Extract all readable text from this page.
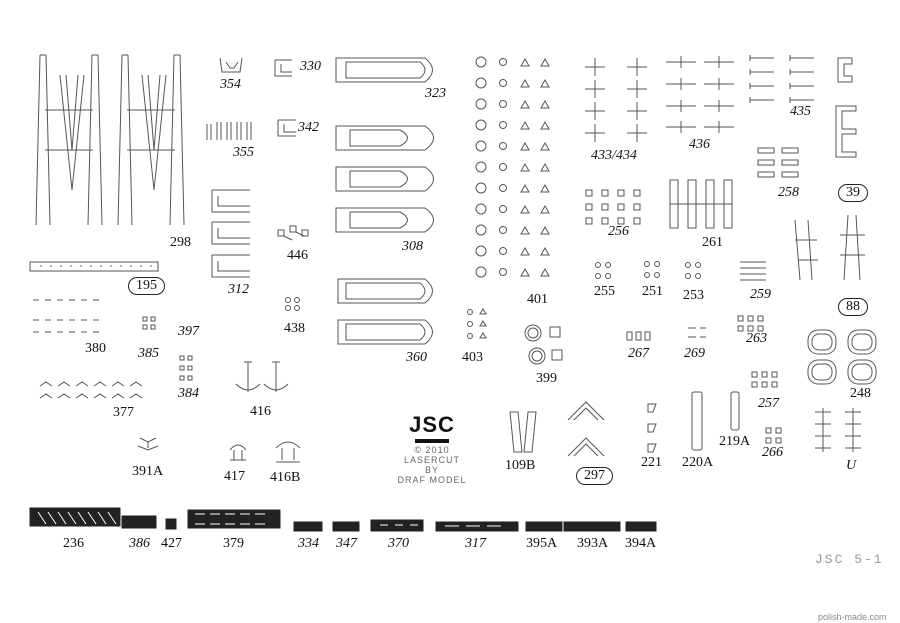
298
195
354
330
355
342
312
446
438
323
308
360
380 385
397
384
377	416
391A	417 416B
401
403
399
433/434
436
435
39
258
256
261
255 251 253	259
88
267	269
263
248
257
109B
297
221 220A
219A
266
U
236	386 427	379	334 347 370	317	395A 393A 394A
JSC
© 2010
LASERCUT BY
DRAF MODEL
JSC 5-1
polish-made.com
